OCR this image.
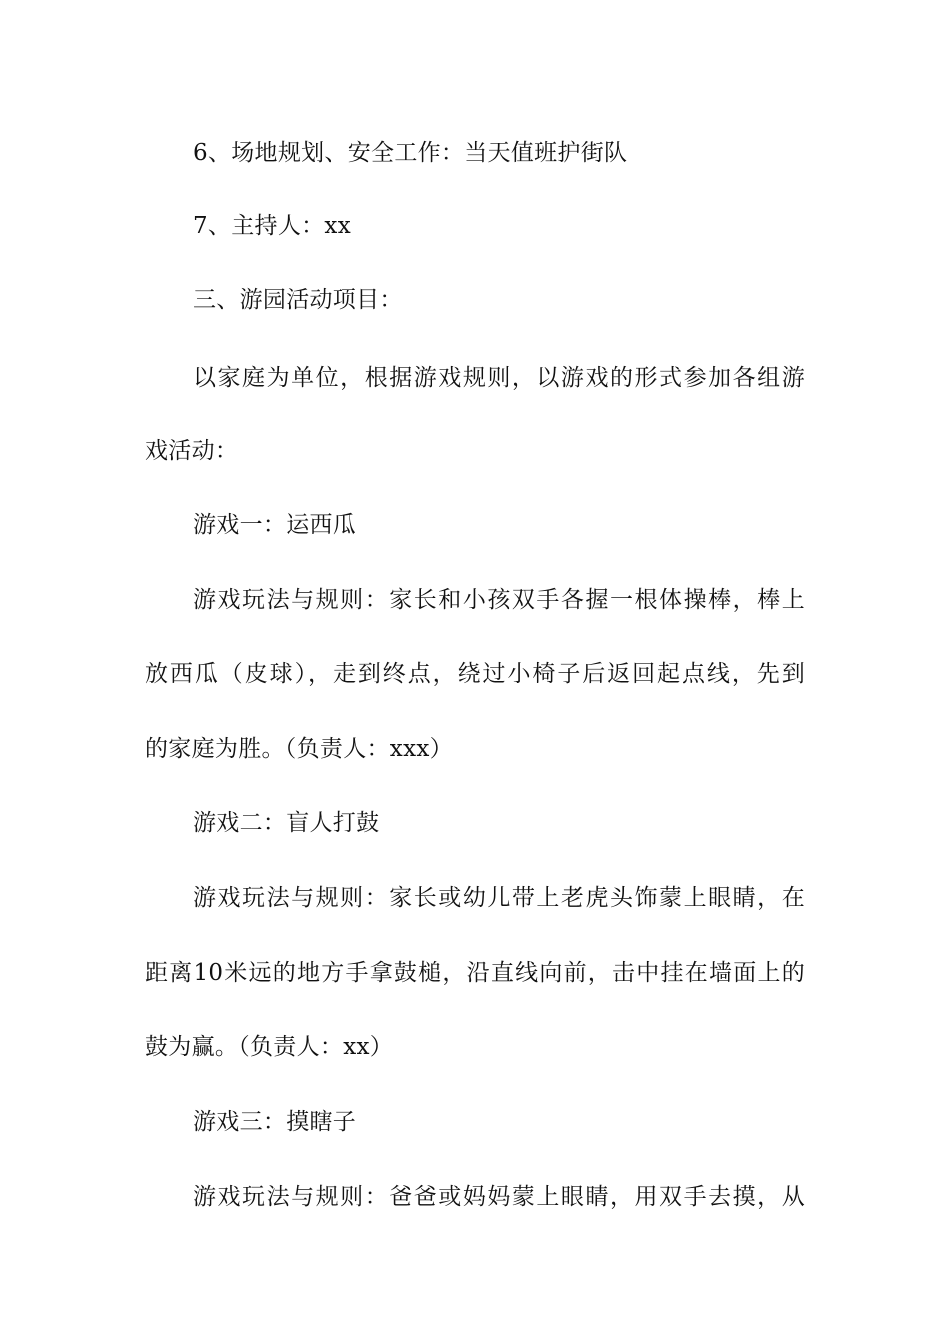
6、场地规划、安全工作：当天值班护街队
7、主持人：xx
三、游园活动项目：
以家庭为单位，根据游戏规则，以游戏的形式参加各组游
戏活动：
游戏一：运西瓜
游戏玩法与规则：家长和小孩双手各握一根体操棒，棒上
放西瓜（皮球），走到终点，绕过小椅子后返回起点线，先到
的家庭为胜。（负责人：xxx）
游戏二：盲人打鼓
游戏玩法与规则：家长或幼儿带上老虎头饰蒙上眼睛，在
距离10米远的地方手拿鼓槌，沿直线向前，击中挂在墙面上的
鼓为赢。（负责人：xx）
游戏三：摸瞎子
游戏玩法与规则：爸爸或妈妈蒙上眼睛，用双手去摸，从
